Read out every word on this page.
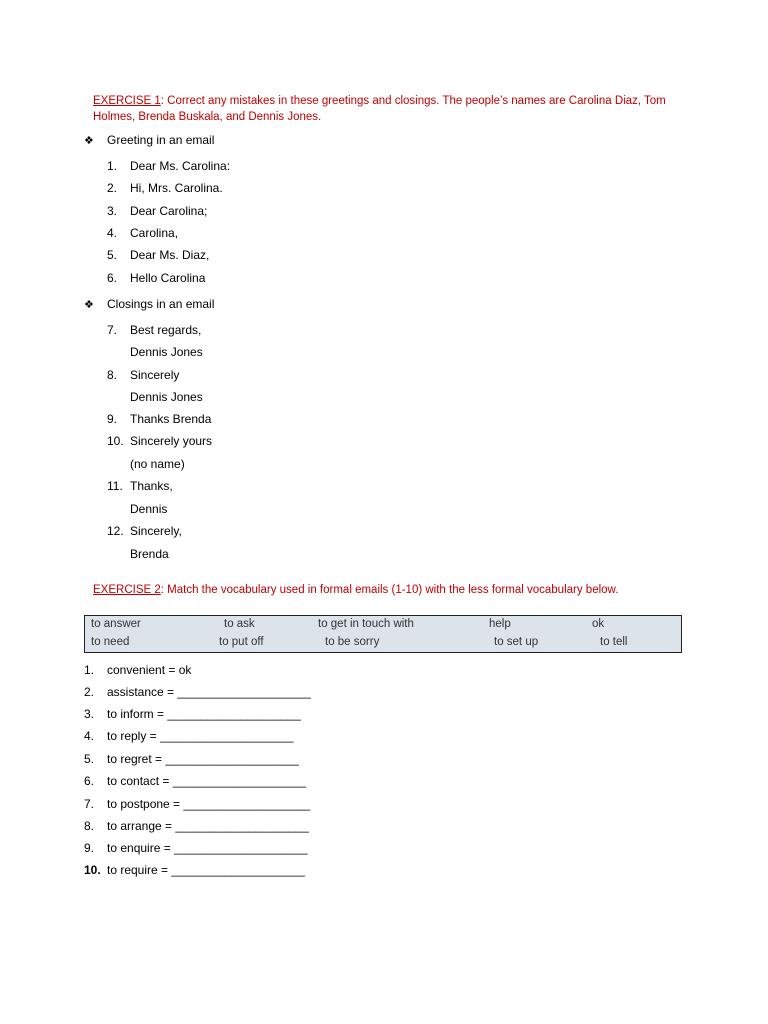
EXERCISE 1: Correct any mistakes in these greetings and closings. The people’s names are Carolina Diaz, Tom
Holmes, Brenda Buskala, and Dennis Jones.
❖ Greeting in an email
1. Dear Ms. Carolina:
2. Hi, Mrs. Carolina.
3. Dear Carolina;
4. Carolina,
5. Dear Ms. Diaz,
6. Hello Carolina
❖ Closings in an email
7. Best regards,
Dennis Jones
8. Sincerely
Dennis Jones
9. Thanks Brenda
10. Sincerely yours
(no name)
11. Thanks,
Dennis
12. Sincerely,
Brenda
EXERCISE 2: Match the vocabulary used in formal emails (1-10) with the less formal vocabulary below.
to answer	to ask	to get in touch with	help	ok
to need	to put off	to be sorry	to set up	to tell
1. convenient = ok
2. assistance = ____________________
3. to inform = ____________________
4. to reply = ____________________
5. to regret = ____________________
6. to contact = ____________________
7. to postpone = ___________________
8. to arrange = ____________________
9. to enquire = ____________________
10. to require = ____________________
